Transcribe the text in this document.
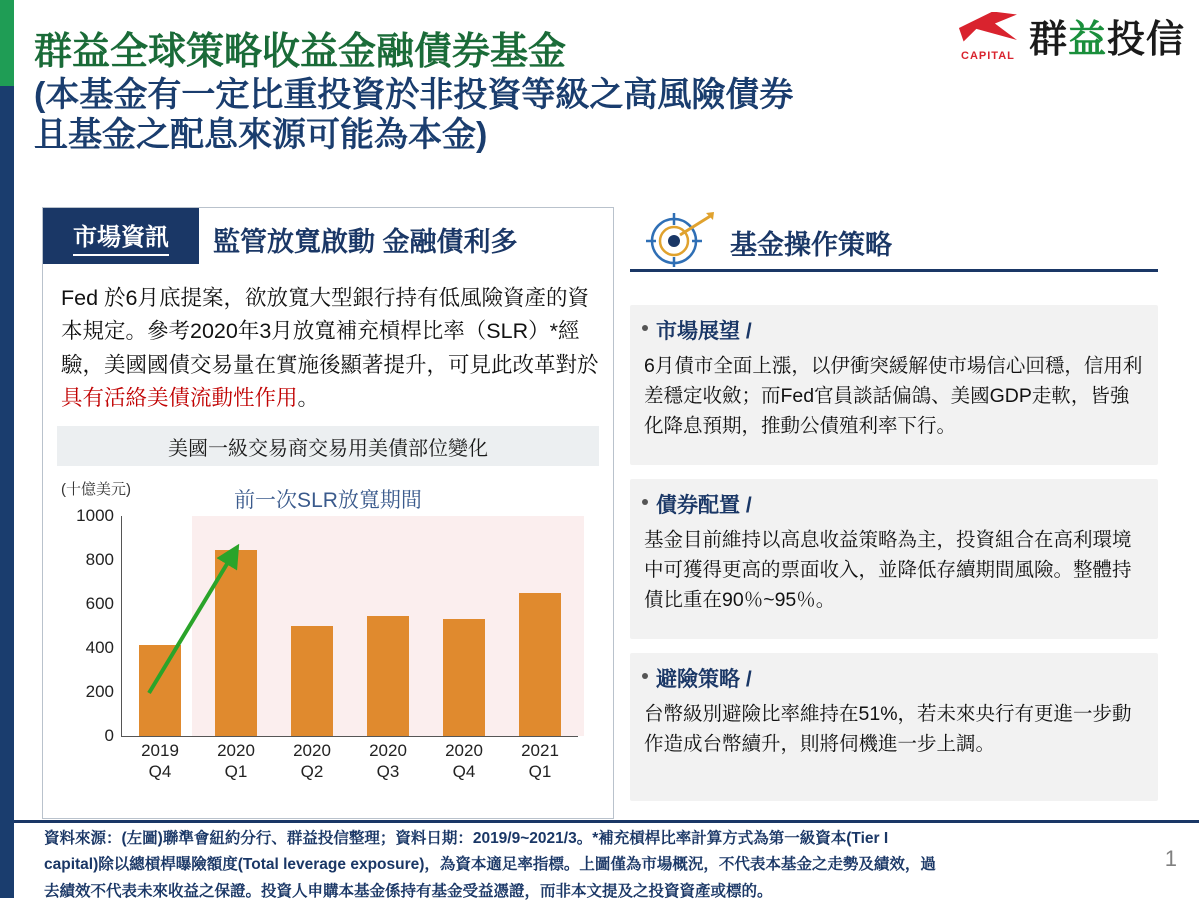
CAPITAL 群益投信
群益全球策略收益金融債券基金
(本基金有一定比重投資於非投資等級之高風險債券
且基金之配息來源可能為本金)
市場資訊 監管放寬啟動 金融債利多
Fed 於6月底提案，欲放寬大型銀行持有低風險資產的資本規定。參考2020年3月放寬補充槓桿比率（SLR）*經驗，美國國債交易量在實施後顯著提升，可見此改革對於具有活絡美債流動性作用。
美國一級交易商交易用美債部位變化
(十億美元)	前一次SLR放寬期間
0
200
400
600
800
1000
2019
Q4
2020
Q1
2020
Q2
2020
Q3
2020
Q4
2021
Q1
基金操作策略
市場展望 /
6月債市全面上漲，以伊衝突緩解使市場信心回穩，信用利差穩定收斂；而Fed官員談話偏鴿、美國GDP走軟，皆強化降息預期，推動公債殖利率下行。
債券配置 /
基金目前維持以高息收益策略為主，投資組合在高利環境中可獲得更高的票面收入，並降低存續期間風險。整體持債比重在90％~95％。
避險策略 /
台幣級別避險比率維持在51%，若未來央行有更進一步動作造成台幣續升，則將伺機進一步上調。
資料來源：(左圖)聯準會紐約分行、群益投信整理；資料日期：2019/9~2021/3。*補充槓桿比率計算方式為第一級資本(Tier I
capital)除以總槓桿曝險額度(Total leverage exposure)，為資本適足率指標。上圖僅為市場概況，不代表本基金之走勢及績效，過
去績效不代表未來收益之保證。投資人申購本基金係持有基金受益憑證，而非本文提及之投資資產或標的。
1
